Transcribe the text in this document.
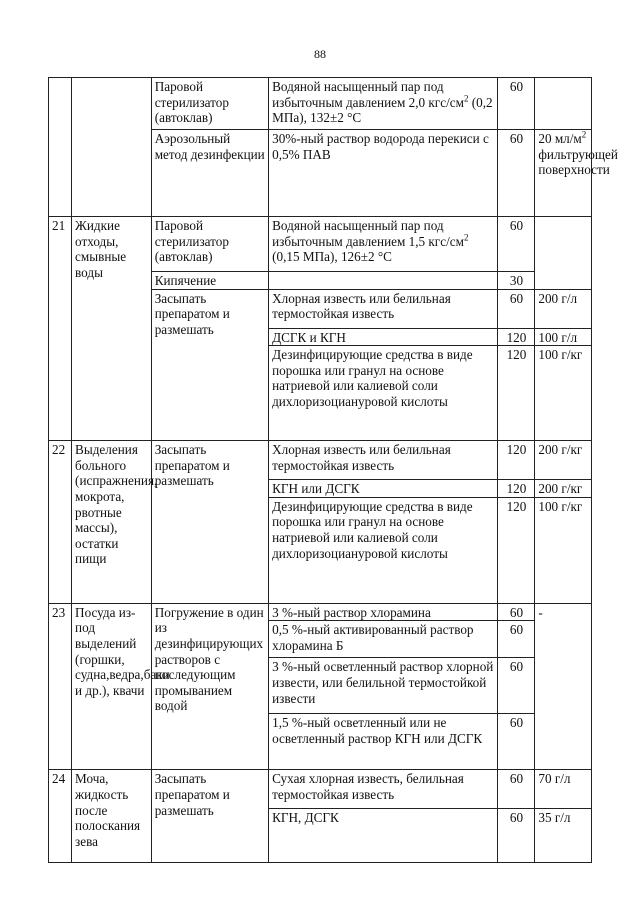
88
		Паровой стерилизатор (автоклав)	Водяной насыщенный пар под избыточным давлением 2,0 кгс/$см^2$ (0,2 МПа), 132±2 °С	60	
		Аэрозольный метод дезинфекции	30%-ный раствор водорода перекиси с 0,5% ПАВ	60	20 $мл/м^2$ фильтрующей поверхности
21	Жидкие отходы, смывные воды	Паровой стерилизатор (автоклав)	Водяной насыщенный пар под избыточным давлением 1,5 кгс/$см^2$ (0,15 МПа), 126±2 °С	60	
		Кипячение		30	
		Засыпать препаратом и размешать	Хлорная известь или белильная термостойкая известь	60	200 г/л
			ДСГК и КГН	120	100 г/л
			Дезинфицирующие средства в виде порошка или гранул на основе натриевой или калиевой соли дихлоризоциануровой кислоты	120	100 г/кг
22	Выделения больного (испражнения, мокрота, рвотные массы), остатки пищи	Засыпать препаратом и размешать	Хлорная известь или белильная термостойкая известь	120	200 г/кг
			КГН или ДСГК	120	200 г/кг
			Дезинфицирующие средства в виде порошка или гранул на основе натриевой или калиевой соли дихлоризоциануровой кислоты	120	100 г/кг
23	Посуда из-под выделений (горшки, судна,ведра,баки и др.), квачи	Погружение в один из дезинфицирующих растворов с последующим промыванием водой	3 %-ный раствор хлорамина	60	-
			0,5 %-ный активированный раствор хлорамина Б	60	
			3 %-ный осветленный раствор хлорной извести, или белильной термостойкой извести	60	
			1,5 %-ный осветленный или не осветленный раствор КГН или ДСГК	60	
24	Моча, жидкость после полоскания зева	Засыпать препаратом и размешать	Сухая хлорная известь, белильная термостойкая известь	60	70 г/л
			КГН, ДСГК	60	35 г/л
